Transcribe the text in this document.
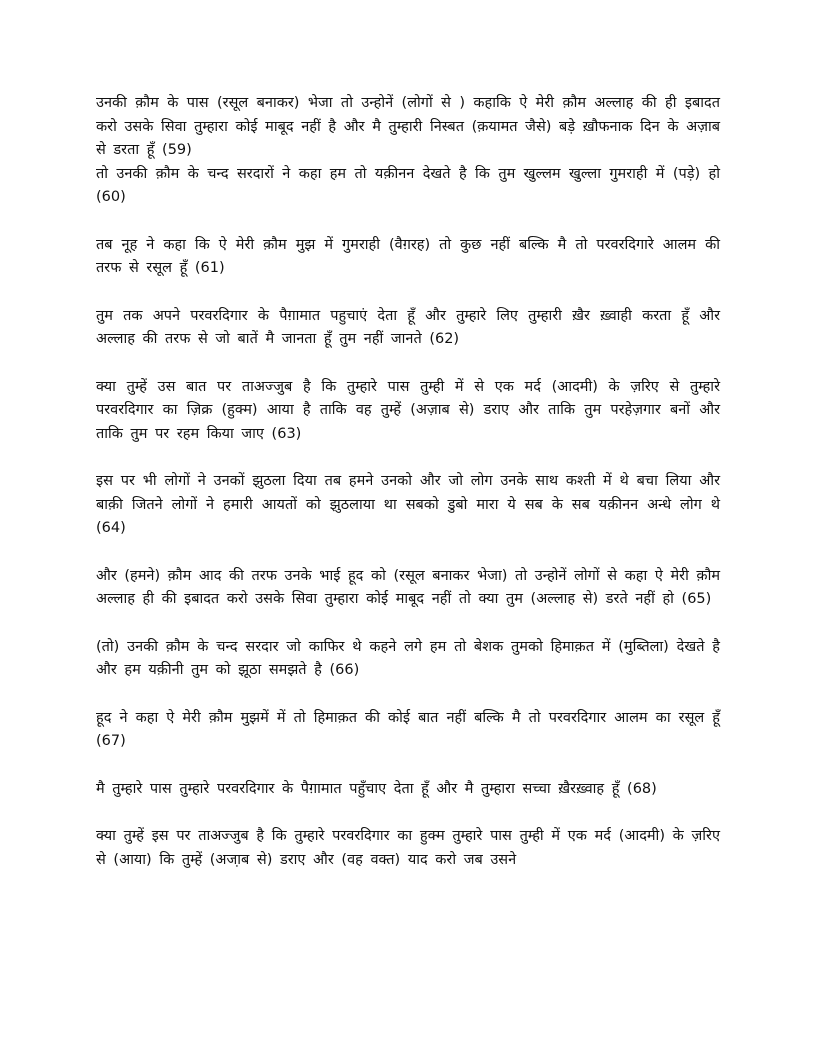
उनकी क़ौम के पास (रसूल बनाकर) भेजा तो उन्होनें (लोगों से ) कहाकि ऐ मेरी क़ौम अल्लाह की ही इबादत करो उसके सिवा तुम्हारा कोई माबूद नहीं है और मै तुम्हारी निस्बत (क़यामत जैसे) बड़े ख़ौफनाक दिन के अज़ाब से डरता हूँ (59)

तो उनकी क़ौम के चन्द सरदारों ने कहा हम तो यक़ीनन देखते है कि तुम खुल्लम खुल्ला गुमराही में (पड़े) हो (60)

तब नूह ने कहा कि ऐ मेरी क़ौम मुझ में गुमराही (वैग़रह) तो कुछ नहीं बल्कि मै तो परवरदिगारे आलम की तरफ से रसूल हूँ (61)

तुम तक अपने परवरदिगार के पैग़ामात पहुचाएं देता हूँ और तुम्हारे लिए तुम्हारी ख़ैर ख़्वाही करता हूँ और अल्लाह की तरफ से जो बातें मै जानता हूँ तुम नहीं जानते (62)

क्या तुम्हें उस बात पर ताअज्जुब है कि तुम्हारे पास तुम्ही में से एक मर्द (आदमी) के ज़रिए से तुम्हारे परवरदिगार का ज़िक्र (हुक्म) आया है ताकि वह तुम्हें (अज़ाब से) डराए और ताकि तुम परहेज़गार बनों और ताकि तुम पर रहम किया जाए (63)

इस पर भी लोगों ने उनकों झुठला दिया तब हमने उनको और जो लोग उनके साथ कश्ती में थे बचा लिया और बाक़ी जितने लोगों ने हमारी आयतों को झुठलाया था सबको डुबो मारा ये सब के सब यक़ीनन अन्धे लोग थे (64)

और (हमने) क़ौम आद की तरफ उनके भाई हूद को (रसूल बनाकर भेजा) तो उन्होनें लोगों से कहा ऐ मेरी क़ौम अल्लाह ही की इबादत करो उसके सिवा तुम्हारा कोई माबूद नहीं तो क्या तुम (अल्लाह से) डरते नहीं हो (65)

(तो) उनकी क़ौम के चन्द सरदार जो काफिर थे कहने लगे हम तो बेशक तुमको हिमाक़त में (मुब्तिला) देखते है और हम यक़ीनी तुम को झूठा समझते है (66)

हूद ने कहा ऐ मेरी क़ौम मुझमें में तो हिमाक़त की कोई बात नहीं बल्कि मै तो परवरदिगार आलम का रसूल हूँ (67)

मै तुम्हारे पास तुम्हारे परवरदिगार के पैग़ामात पहुँचाए देता हूँ और मै तुम्हारा सच्चा ख़ैरख़्वाह हूँ (68)

क्या तुम्हें इस पर ताअज्जुब है कि तुम्हारे परवरदिगार का हुक्म तुम्हारे पास तुम्ही में एक मर्द (आदमी) के ज़रिए से (आया) कि तुम्हें (अजा़ब से) डराए और (वह वक्त) याद करो जब उसने
